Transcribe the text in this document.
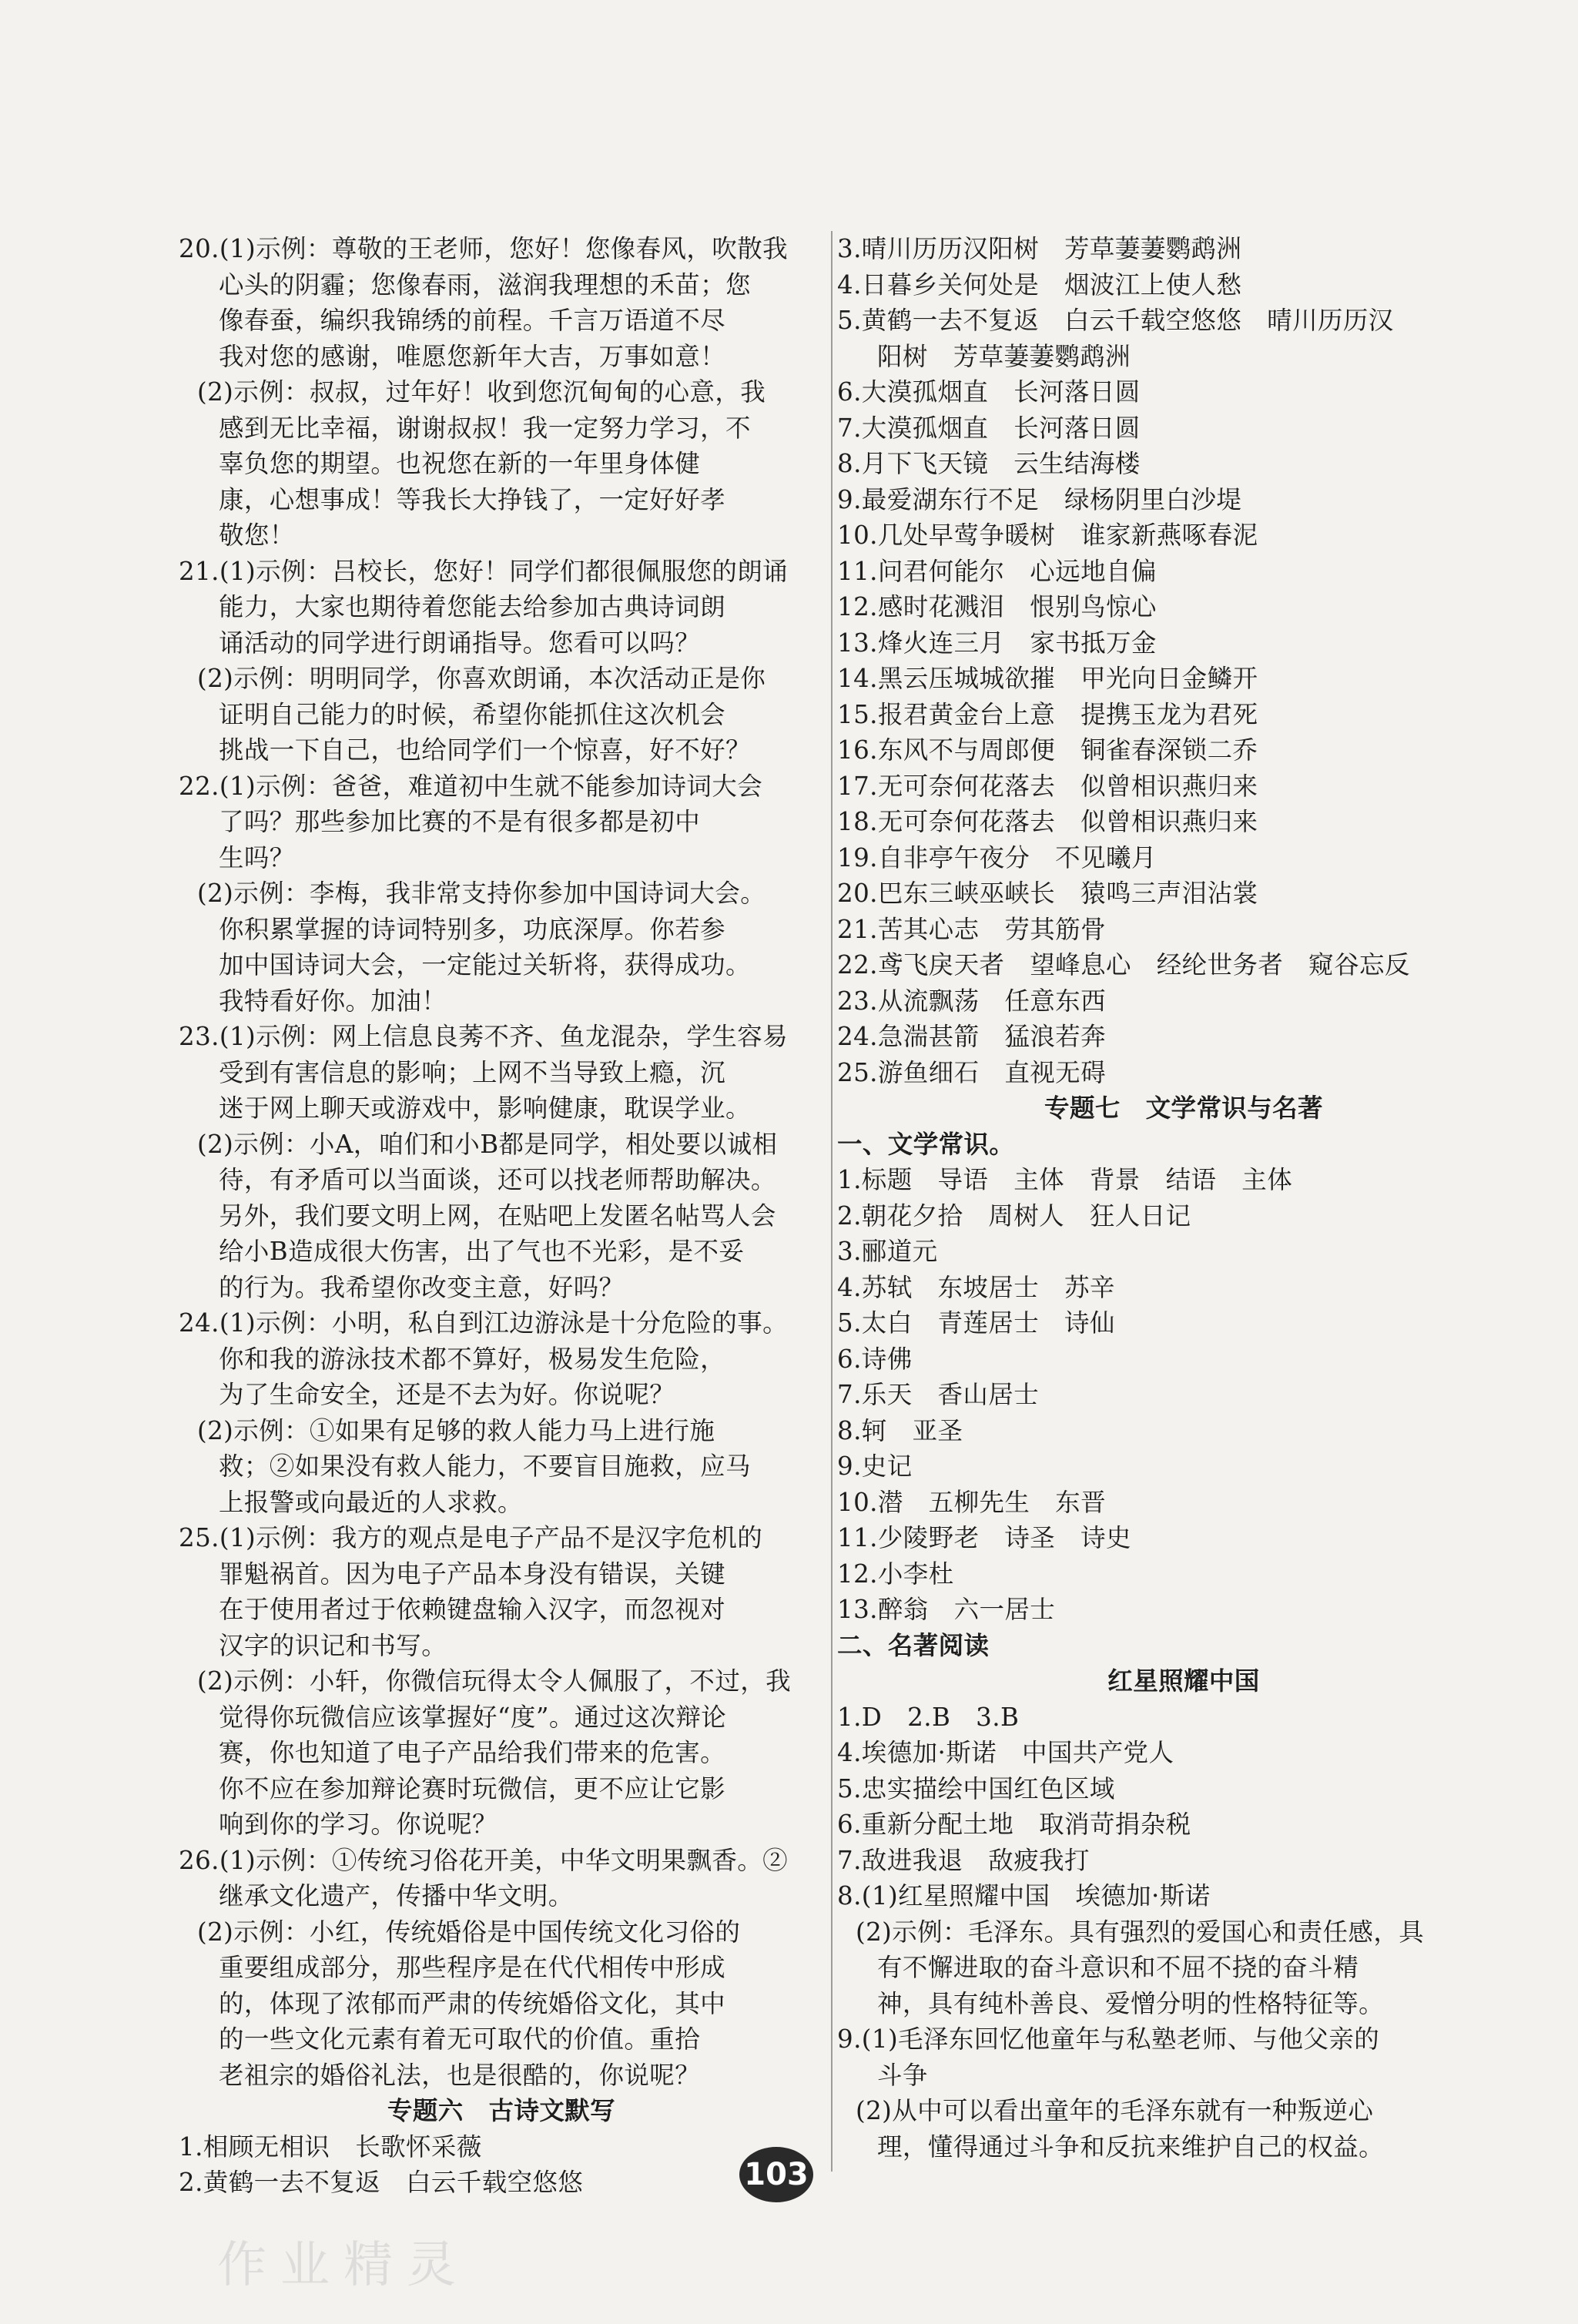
20.(1)示例：尊敬的王老师，您好！您像春风，吹散我
心头的阴霾；您像春雨，滋润我理想的禾苗；您
像春蚕，编织我锦绣的前程。千言万语道不尽
我对您的感谢，唯愿您新年大吉，万事如意！
(2)示例：叔叔，过年好！收到您沉甸甸的心意，我
感到无比幸福，谢谢叔叔！我一定努力学习，不
辜负您的期望。也祝您在新的一年里身体健
康，心想事成！等我长大挣钱了，一定好好孝
敬您！
21.(1)示例：吕校长，您好！同学们都很佩服您的朗诵
能力，大家也期待着您能去给参加古典诗词朗
诵活动的同学进行朗诵指导。您看可以吗？
(2)示例：明明同学，你喜欢朗诵，本次活动正是你
证明自己能力的时候，希望你能抓住这次机会
挑战一下自己，也给同学们一个惊喜，好不好？
22.(1)示例：爸爸，难道初中生就不能参加诗词大会
了吗？那些参加比赛的不是有很多都是初中
生吗？
(2)示例：李梅，我非常支持你参加中国诗词大会。
你积累掌握的诗词特别多，功底深厚。你若参
加中国诗词大会，一定能过关斩将，获得成功。
我特看好你。加油！
23.(1)示例：网上信息良莠不齐、鱼龙混杂，学生容易
受到有害信息的影响；上网不当导致上瘾，沉
迷于网上聊天或游戏中，影响健康，耽误学业。
(2)示例：小A，咱们和小B都是同学，相处要以诚相
待，有矛盾可以当面谈，还可以找老师帮助解决。
另外，我们要文明上网，在贴吧上发匿名帖骂人会
给小B造成很大伤害，出了气也不光彩，是不妥
的行为。我希望你改变主意，好吗？
24.(1)示例：小明，私自到江边游泳是十分危险的事。
你和我的游泳技术都不算好，极易发生危险，
为了生命安全，还是不去为好。你说呢？
(2)示例：①如果有足够的救人能力马上进行施
救；②如果没有救人能力，不要盲目施救，应马
上报警或向最近的人求救。
25.(1)示例：我方的观点是电子产品不是汉字危机的
罪魁祸首。因为电子产品本身没有错误，关键
在于使用者过于依赖键盘输入汉字，而忽视对
汉字的识记和书写。
(2)示例：小轩，你微信玩得太令人佩服了，不过，我
觉得你玩微信应该掌握好“度”。通过这次辩论
赛，你也知道了电子产品给我们带来的危害。
你不应在参加辩论赛时玩微信，更不应让它影
响到你的学习。你说呢？
26.(1)示例：①传统习俗花开美，中华文明果飘香。②
继承文化遗产，传播中华文明。
(2)示例：小红，传统婚俗是中国传统文化习俗的
重要组成部分，那些程序是在代代相传中形成
的，体现了浓郁而严肃的传统婚俗文化，其中
的一些文化元素有着无可取代的价值。重拾
老祖宗的婚俗礼法，也是很酷的，你说呢？
专题六　古诗文默写
1.相顾无相识　长歌怀采薇
2.黄鹤一去不复返　白云千载空悠悠
3.晴川历历汉阳树　芳草萋萋鹦鹉洲
4.日暮乡关何处是　烟波江上使人愁
5.黄鹤一去不复返　白云千载空悠悠　晴川历历汉
阳树　芳草萋萋鹦鹉洲
6.大漠孤烟直　长河落日圆
7.大漠孤烟直　长河落日圆
8.月下飞天镜　云生结海楼
9.最爱湖东行不足　绿杨阴里白沙堤
10.几处早莺争暖树　谁家新燕啄春泥
11.问君何能尔　心远地自偏
12.感时花溅泪　恨别鸟惊心
13.烽火连三月　家书抵万金
14.黑云压城城欲摧　甲光向日金鳞开
15.报君黄金台上意　提携玉龙为君死
16.东风不与周郎便　铜雀春深锁二乔
17.无可奈何花落去　似曾相识燕归来
18.无可奈何花落去　似曾相识燕归来
19.自非亭午夜分　不见曦月
20.巴东三峡巫峡长　猿鸣三声泪沾裳
21.苦其心志　劳其筋骨
22.鸢飞戾天者　望峰息心　经纶世务者　窥谷忘反
23.从流飘荡　任意东西
24.急湍甚箭　猛浪若奔
25.游鱼细石　直视无碍
专题七　文学常识与名著
一、文学常识。
1.标题　导语　主体　背景　结语　主体
2.朝花夕拾　周树人　狂人日记
3.郦道元
4.苏轼　东坡居士　苏辛
5.太白　青莲居士　诗仙
6.诗佛
7.乐天　香山居士
8.轲　亚圣
9.史记
10.潜　五柳先生　东晋
11.少陵野老　诗圣　诗史
12.小李杜
13.醉翁　六一居士
二、名著阅读
红星照耀中国
1.D　2.B　3.B
4.埃德加·斯诺　中国共产党人
5.忠实描绘中国红色区域
6.重新分配土地　取消苛捐杂税
7.敌进我退　敌疲我打
8.(1)红星照耀中国　埃德加·斯诺
(2)示例：毛泽东。具有强烈的爱国心和责任感，具
有不懈进取的奋斗意识和不屈不挠的奋斗精
神，具有纯朴善良、爱憎分明的性格特征等。
9.(1)毛泽东回忆他童年与私塾老师、与他父亲的
斗争
(2)从中可以看出童年的毛泽东就有一种叛逆心
理，懂得通过斗争和反抗来维护自己的权益。
103
作业精灵
